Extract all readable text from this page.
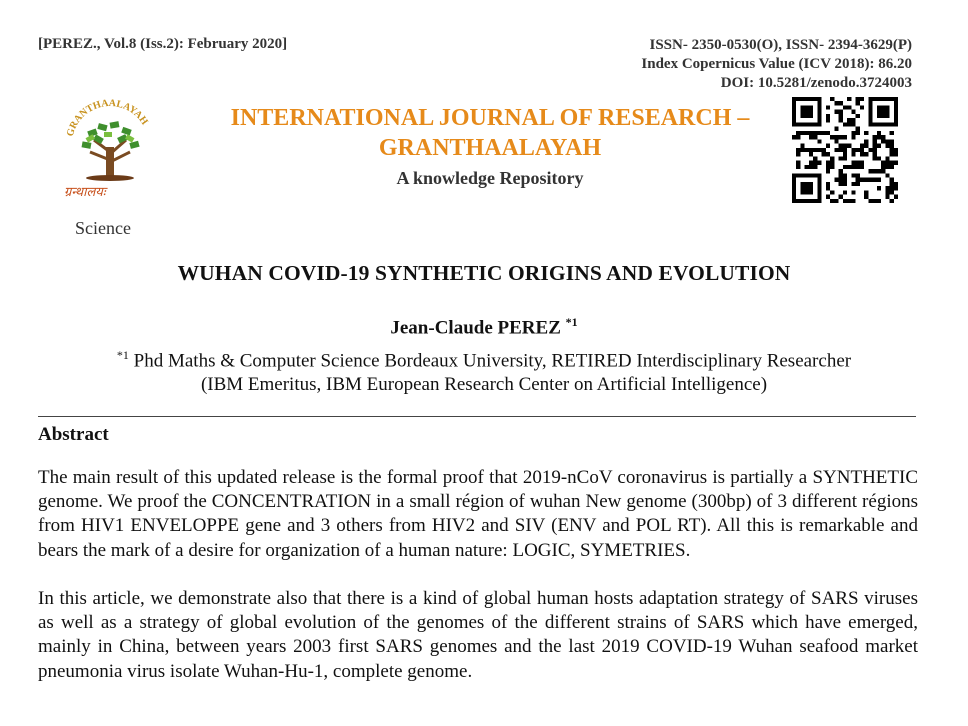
[PEREZ., Vol.8 (Iss.2): February 2020]	ISSN- 2350-0530(O), ISSN- 2394-3629(P)
Index Copernicus Value (ICV 2018): 86.20
DOI: 10.5281/zenodo.3724003
GRANTHAALAYAH
ग्रन्थालयः
INTERNATIONAL JOURNAL OF RESEARCH –
GRANTHAALAYAH
A knowledge Repository
Science
WUHAN COVID-19 SYNTHETIC ORIGINS AND EVOLUTION
Jean-Claude PEREZ $^{*1}$
$^{*1}$ Phd Maths & Computer Science Bordeaux University, RETIRED Interdisciplinary Researcher
(IBM Emeritus, IBM European Research Center on Artificial Intelligence)
Abstract
The main result of this updated release is the formal proof that 2019-nCoV coronavirus is partially a SYNTHETIC genome. We proof the CONCENTRATION in a small région of wuhan New genome (300bp) of 3 different régions from HIV1 ENVELOPPE gene and 3 others from HIV2 and SIV (ENV and POL RT). All this is remarkable and bears the mark of a desire for organization of a human nature: LOGIC, SYMETRIES.
In this article, we demonstrate also that there is a kind of global human hosts adaptation strategy of SARS viruses as well as a strategy of global evolution of the genomes of the different strains of SARS which have emerged, mainly in China, between years 2003 first SARS genomes and the last 2019 COVID-19 Wuhan seafood market pneumonia virus isolate Wuhan-Hu-1, complete genome.
